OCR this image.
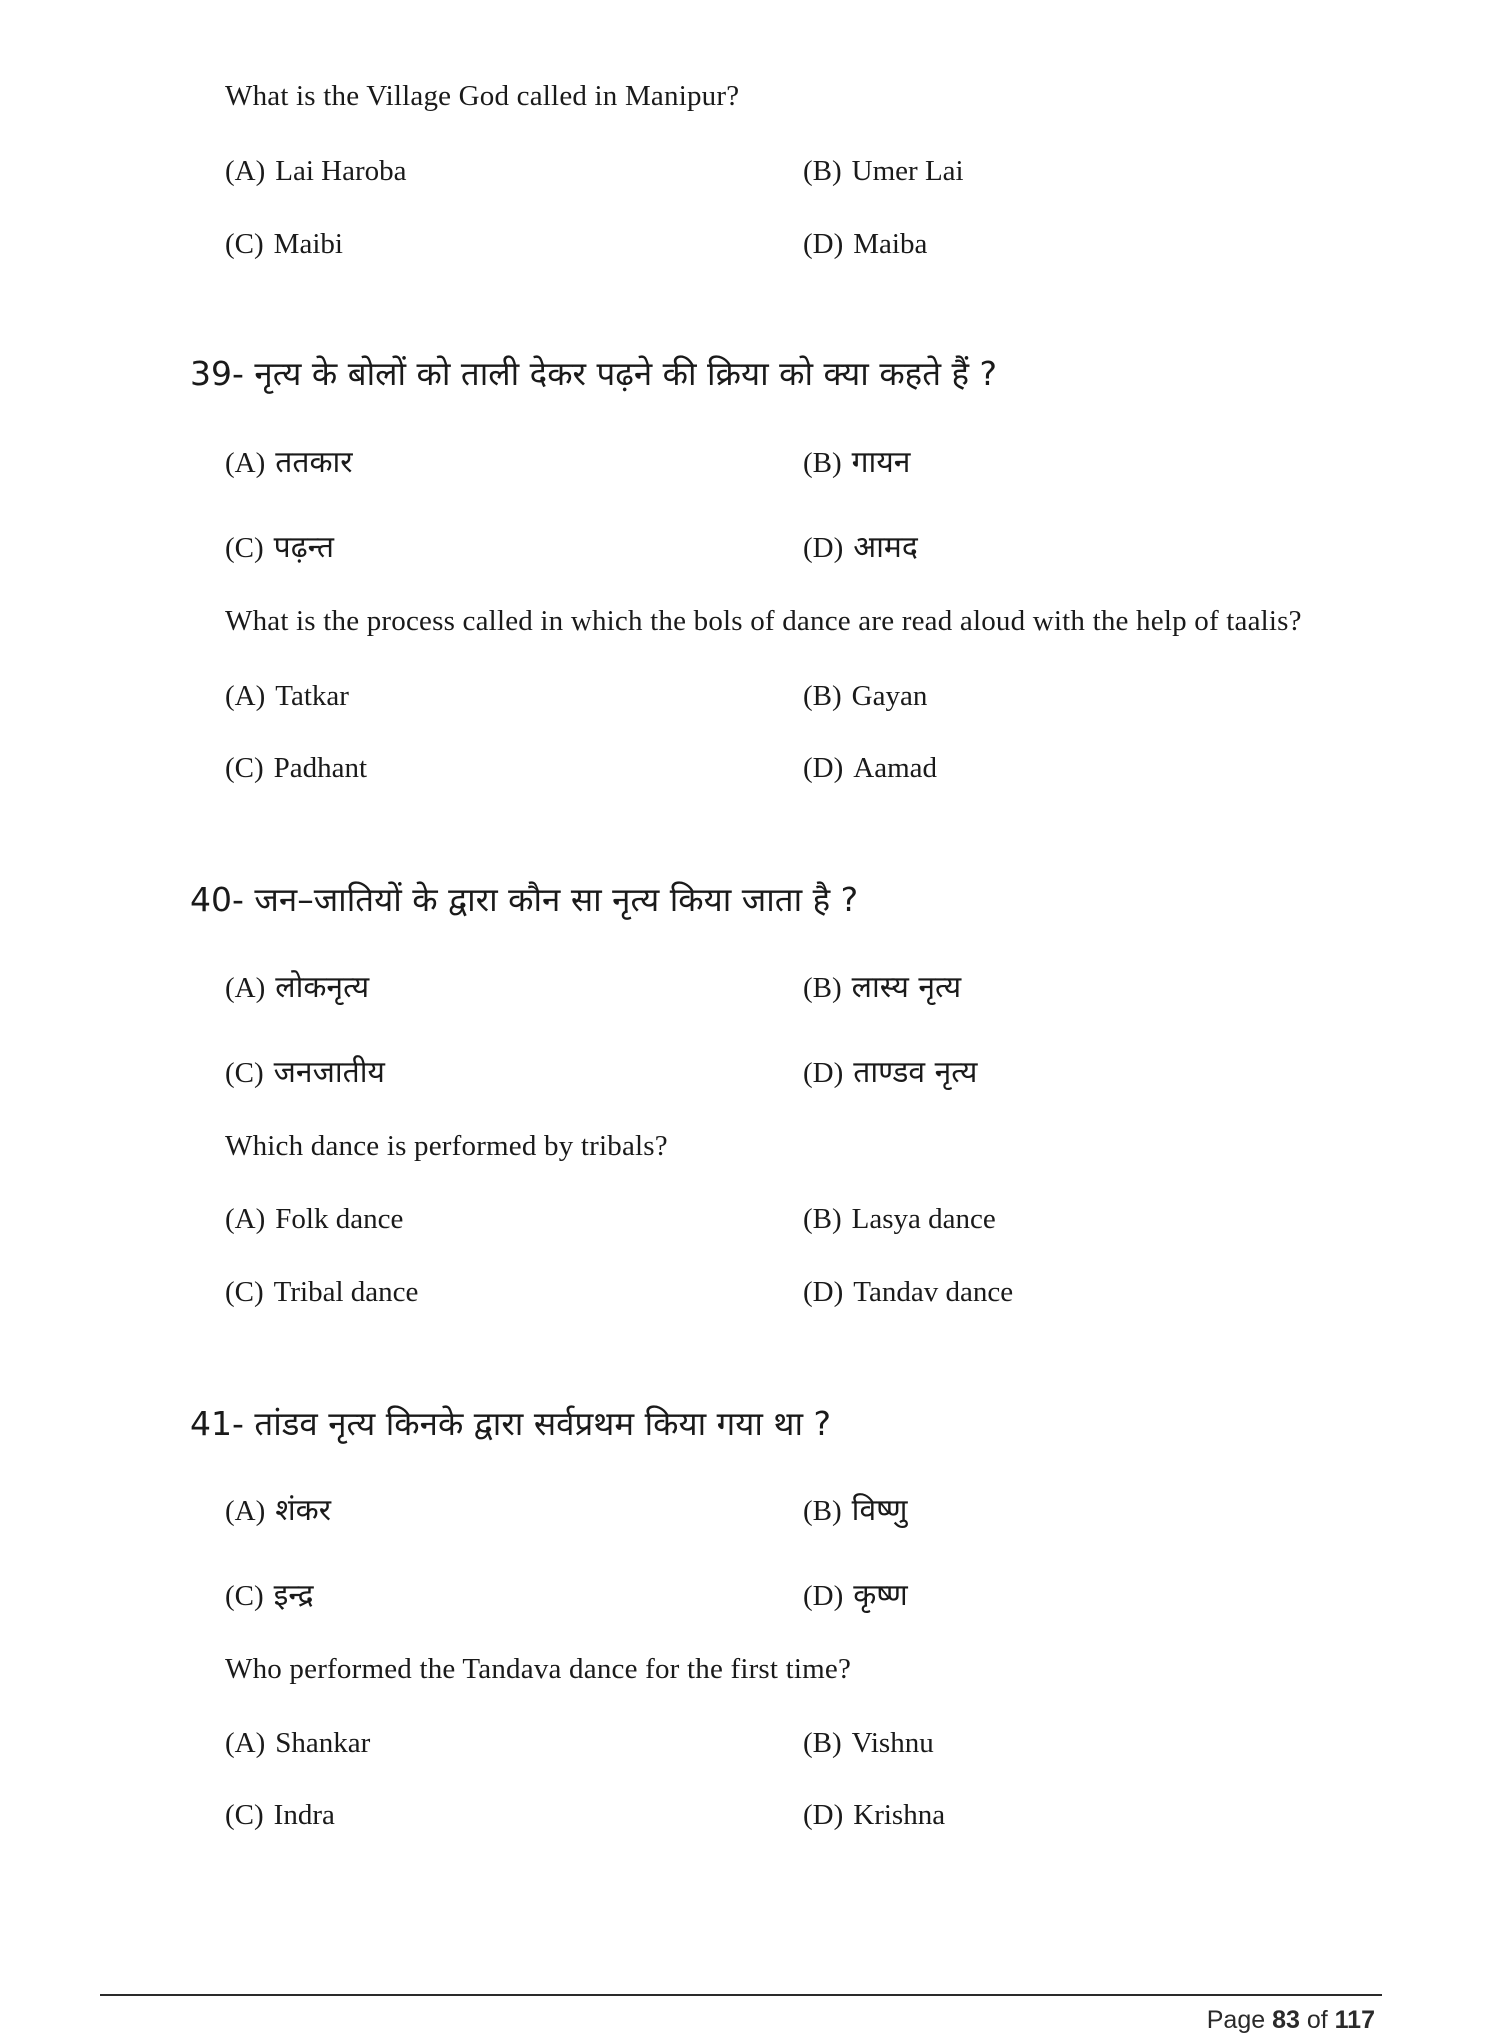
What is the Village God called in Manipur?
(A) Lai Haroba	(B) Umer Lai
(C) Maibi	(D) Maiba
39- नृत्य के बोलों को ताली देकर पढ़ने की क्रिया को क्या कहते हैं ?
(A) ततकार	(B) गायन
(C) पढ़न्त	(D) आमद
What is the process called in which the bols of dance are read aloud with the help of taalis?
(A) Tatkar	(B) Gayan
(C) Padhant	(D) Aamad
40- जन–जातियों के द्वारा कौन सा नृत्य किया जाता है ?
(A) लोकनृत्य	(B) लास्य नृत्य
(C) जनजातीय	(D) ताण्डव नृत्य
Which dance is performed by tribals?
(A) Folk dance	(B) Lasya dance
(C) Tribal dance	(D) Tandav dance
41- तांडव नृत्य किनके द्वारा सर्वप्रथम किया गया था ?
(A) शंकर	(B) विष्णु
(C) इन्द्र	(D) कृष्ण
Who performed the Tandava dance for the first time?
(A) Shankar	(B) Vishnu
(C) Indra	(D) Krishna
Page 83 of 117
